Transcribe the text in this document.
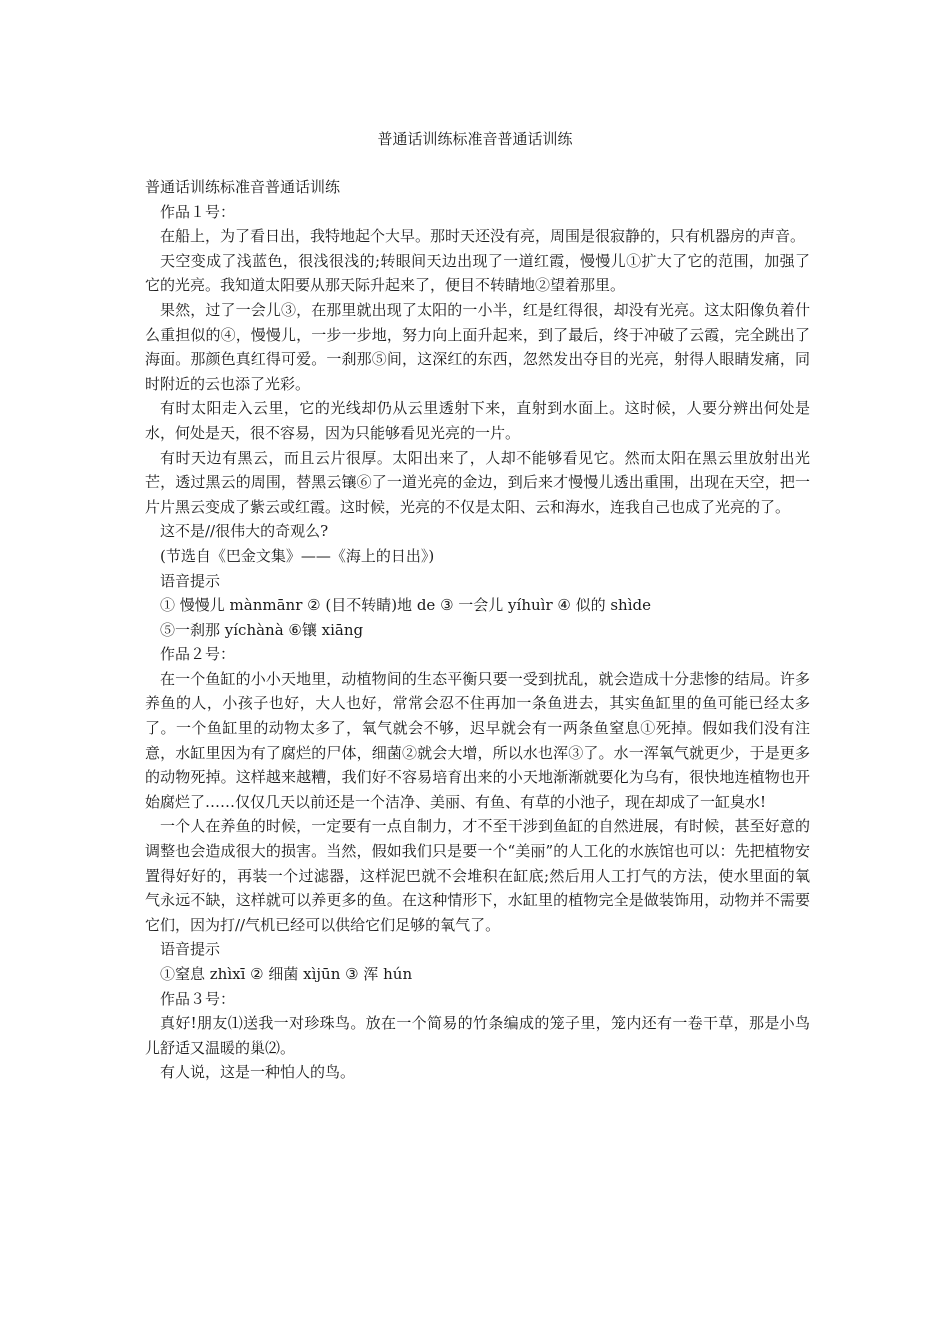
普通话训练标准音普通话训练

普通话训练标准音普通话训练

作品１号：

在船上，为了看日出，我特地起个大早。那时天还没有亮，周围是很寂静的，只有机器房的声音。

天空变成了浅蓝色，很浅很浅的;转眼间天边出现了一道红霞，慢慢儿①扩大了它的范围，加强了它的光亮。我知道太阳要从那天际升起来了，便目不转睛地②望着那里。

果然，过了一会儿③，在那里就出现了太阳的一小半，红是红得很，却没有光亮。这太阳像负着什么重担似的④，慢慢儿，一步一步地，努力向上面升起来，到了最后，终于冲破了云霞，完全跳出了海面。那颜色真红得可爱。一刹那⑤间，这深红的东西，忽然发出夺目的光亮，射得人眼睛发痛，同时附近的云也添了光彩。

有时太阳走入云里，它的光线却仍从云里透射下来，直射到水面上。这时候，人要分辨出何处是水，何处是天，很不容易，因为只能够看见光亮的一片。

有时天边有黑云，而且云片很厚。太阳出来了，人却不能够看见它。然而太阳在黑云里放射出光芒，透过黑云的周围，替黑云镶⑥了一道光亮的金边，到后来才慢慢儿透出重围，出现在天空，把一片片黑云变成了紫云或红霞。这时候，光亮的不仅是太阳、云和海水，连我自己也成了光亮的了。

这不是//很伟大的奇观么?

(节选自《巴金文集》——《海上的日出》)

语音提示

① 慢慢儿 mànmānr ② (目不转睛)地 de ③ 一会儿 yíhuìr ④ 似的 shìde

⑤一刹那 yíchànà ⑥镶 xiāng

作品２号：

在一个鱼缸的小小天地里，动植物间的生态平衡只要一受到扰乱，就会造成十分悲惨的结局。许多养鱼的人，小孩子也好，大人也好，常常会忍不住再加一条鱼进去，其实鱼缸里的鱼可能已经太多了。一个鱼缸里的动物太多了，氧气就会不够，迟早就会有一两条鱼窒息①死掉。假如我们没有注意，水缸里因为有了腐烂的尸体，细菌②就会大增，所以水也浑③了。水一浑氧气就更少，于是更多的动物死掉。这样越来越糟，我们好不容易培育出来的小天地渐渐就要化为乌有，很快地连植物也开始腐烂了……仅仅几天以前还是一个洁净、美丽、有鱼、有草的小池子，现在却成了一缸臭水!

一个人在养鱼的时候，一定要有一点自制力，才不至干涉到鱼缸的自然进展，有时候，甚至好意的调整也会造成很大的损害。当然，假如我们只是要一个“美丽”的人工化的水族馆也可以：先把植物安置得好好的，再装一个过滤器，这样泥巴就不会堆积在缸底;然后用人工打气的方法，使水里面的氧气永远不缺，这样就可以养更多的鱼。在这种情形下，水缸里的植物完全是做装饰用，动物并不需要它们，因为打//气机已经可以供给它们足够的氧气了。

语音提示

①窒息 zhìxī ② 细菌 xìjūn ③ 浑 hún

作品３号：

真好!朋友⑴送我一对珍珠鸟。放在一个简易的竹条编成的笼子里，笼内还有一卷干草，那是小鸟儿舒适又温暖的巢⑵。

有人说，这是一种怕人的鸟。
